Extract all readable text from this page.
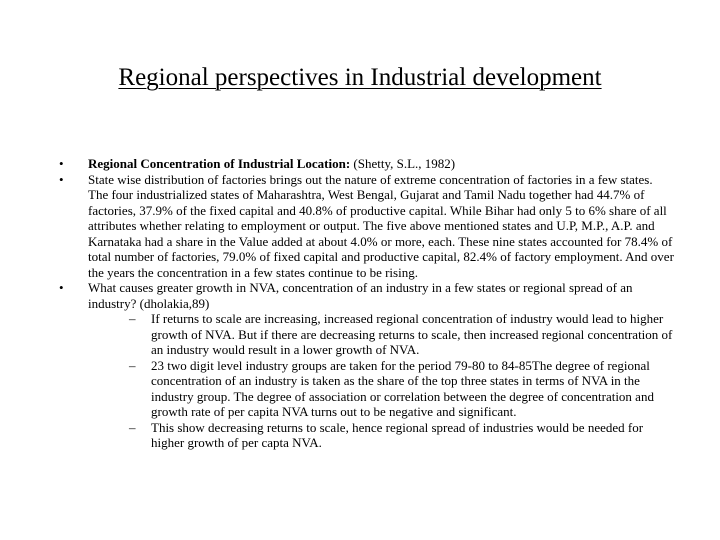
Regional perspectives in Industrial development
•	Regional Concentration of Industrial Location: (Shetty, S.L., 1982)
•	State wise distribution of factories brings out the nature of extreme concentration of factories in a few states. The four industrialized states of Maharashtra, West Bengal, Gujarat and Tamil Nadu together had 44.7% of factories, 37.9% of the fixed capital and 40.8% of productive capital. While Bihar had only 5 to 6% share of all attributes whether relating to employment or output. The five above mentioned states and U.P, M.P., A.P. and Karnataka had a share in the Value added at about 4.0% or more, each. These nine states accounted for 78.4% of total number of factories, 79.0% of fixed capital and productive capital, 82.4% of factory employment. And over the years the concentration in a few states continue to be rising.
•	What causes greater growth in NVA, concentration of an industry in a few states or regional spread of an industry? (dholakia,89)
– If returns to scale are increasing, increased regional concentration of industry would lead to higher growth of NVA. But if there are decreasing returns to scale, then increased regional concentration of an industry would result in a lower growth of NVA.
– 23 two digit level industry groups are taken for the period 79-80 to 84-85The degree of regional concentration of an industry is taken as the share of the top three states in terms of NVA in the industry group. The degree of association or correlation between the degree of concentration and growth rate of per capita NVA turns out to be negative and significant.
– This show decreasing returns to scale, hence regional spread of industries would be needed for higher growth of per capta NVA.
